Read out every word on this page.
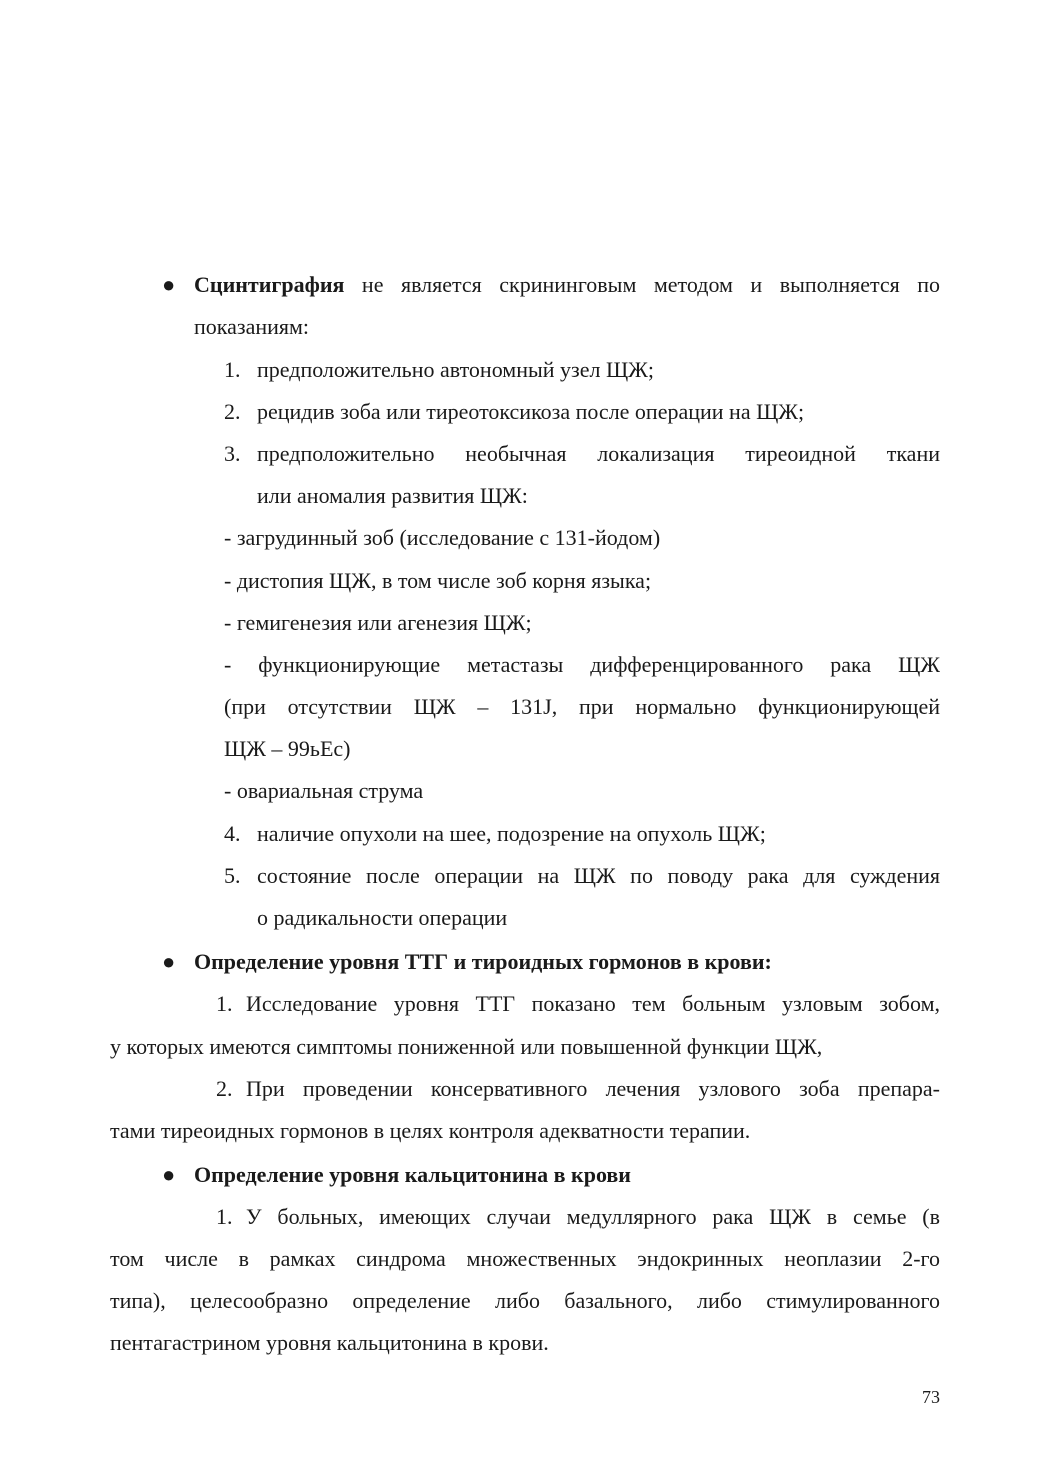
● Сцинтиграфия не является скрининговым методом и выполняется по
показаниям:
1. предположительно автономный узел ЩЖ;
2. рецидив зоба или тиреотоксикоза после операции на ЩЖ;
3. предположительно необычная локализация тиреоидной ткани
или аномалия развития ЩЖ:
- загрудинный зоб (исследование с 131-йодом)
- дистопия ЩЖ, в том числе зоб корня языка;
- гемигенезия или агенезия ЩЖ;
- функционирующие метастазы дифференцированного рака ЩЖ
(при отсутствии ЩЖ – 131J, при нормально функционирующей
ЩЖ – 99ьЕс)
- овариальная струма
4. наличие опухоли на шее, подозрение на опухоль ЩЖ;
5. состояние после операции на ЩЖ по поводу рака для суждения
о радикальности операции
● Определение уровня ТТГ и тироидных гормонов в крови:
1. Исследование уровня ТТГ показано тем больным узловым зобом,
у которых имеются симптомы пониженной или повышенной функции ЩЖ,
2. При проведении консервативного лечения узлового зоба препара-
тами тиреоидных гормонов в целях контроля адекватности терапии.
● Определение уровня кальцитонина в крови
1. У больных, имеющих случаи медуллярного рака ЩЖ в семье (в
том числе в рамках синдрома множественных эндокринных неоплазии 2-го
типа), целесообразно определение либо базального, либо стимулированного
пентагастрином уровня кальцитонина в крови.
73
